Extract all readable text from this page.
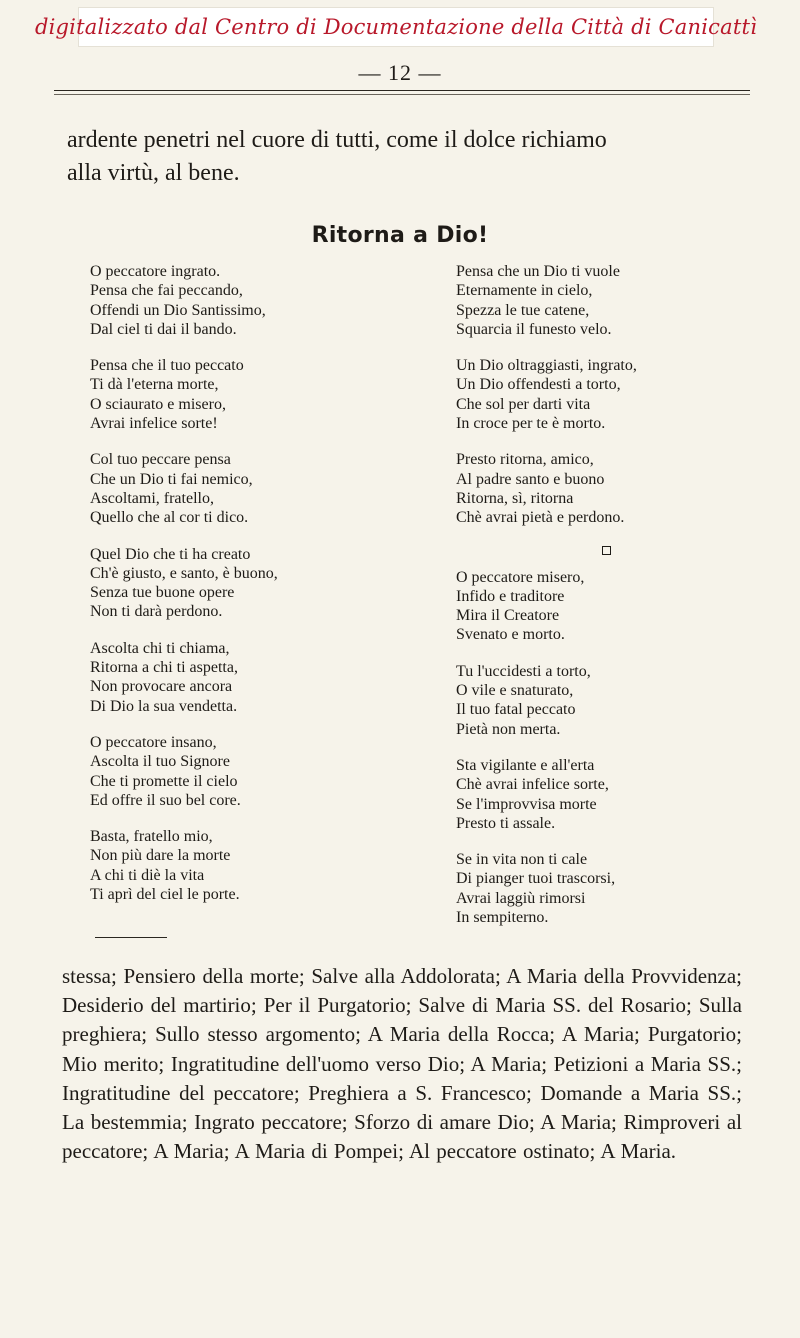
digitalizzato dal Centro di Documentazione della Città di Canicattì
— 12 —
ardente penetri nel cuore di tutti, come il dolce richiamo
alla virtù, al bene.
Ritorna a Dio!
O peccatore ingrato.
Pensa che fai peccando,
Offendi un Dio Santissimo,
Dal ciel ti dai il bando.
Pensa che il tuo peccato
Ti dà l'eterna morte,
O sciaurato e misero,
Avrai infelice sorte!
Col tuo peccare pensa
Che un Dio ti fai nemico,
Ascoltami, fratello,
Quello che al cor ti dico.
Quel Dio che ti ha creato
Ch'è giusto, e santo, è buono,
Senza tue buone opere
Non ti darà perdono.
Ascolta chi ti chiama,
Ritorna a chi ti aspetta,
Non provocare ancora
Di Dio la sua vendetta.
O peccatore insano,
Ascolta il tuo Signore
Che ti promette il cielo
Ed offre il suo bel core.
Basta, fratello mio,
Non più dare la morte
A chi ti diè la vita
Ti aprì del ciel le porte.
Pensa che un Dio ti vuole
Eternamente in cielo,
Spezza le tue catene,
Squarcia il funesto velo.
Un Dio oltraggiasti, ingrato,
Un Dio offendesti a torto,
Che sol per darti vita
In croce per te è morto.
Presto ritorna, amico,
Al padre santo e buono
Ritorna, sì, ritorna
Chè avrai pietà e perdono.
O peccatore misero,
Infido e traditore
Mira il Creatore
Svenato e morto.
Tu l'uccidesti a torto,
O vile e snaturato,
Il tuo fatal peccato
Pietà non merta.
Sta vigilante e all'erta
Chè avrai infelice sorte,
Se l'improvvisa morte
Presto ti assale.
Se in vita non ti cale
Di pianger tuoi trascorsi,
Avrai laggiù rimorsi
In sempiterno.
stessa; Pensiero della morte; Salve alla Addolorata; A Maria della Provvidenza; Desiderio del martirio; Per il Purgatorio; Salve di Maria SS. del Rosario; Sulla preghiera; Sullo stesso argomento; A Maria della Rocca; A Maria; Purgatorio; Mio merito; Ingratitudine dell'uomo verso Dio; A Maria; Petizioni a Maria SS.; Ingratitudine del peccatore; Preghiera a S. Francesco; Domande a Maria SS.; La bestemmia; Ingrato peccatore; Sforzo di amare Dio; A Maria; Rimproveri al peccatore; A Maria; A Maria di Pompei; Al peccatore ostinato; A Maria.
